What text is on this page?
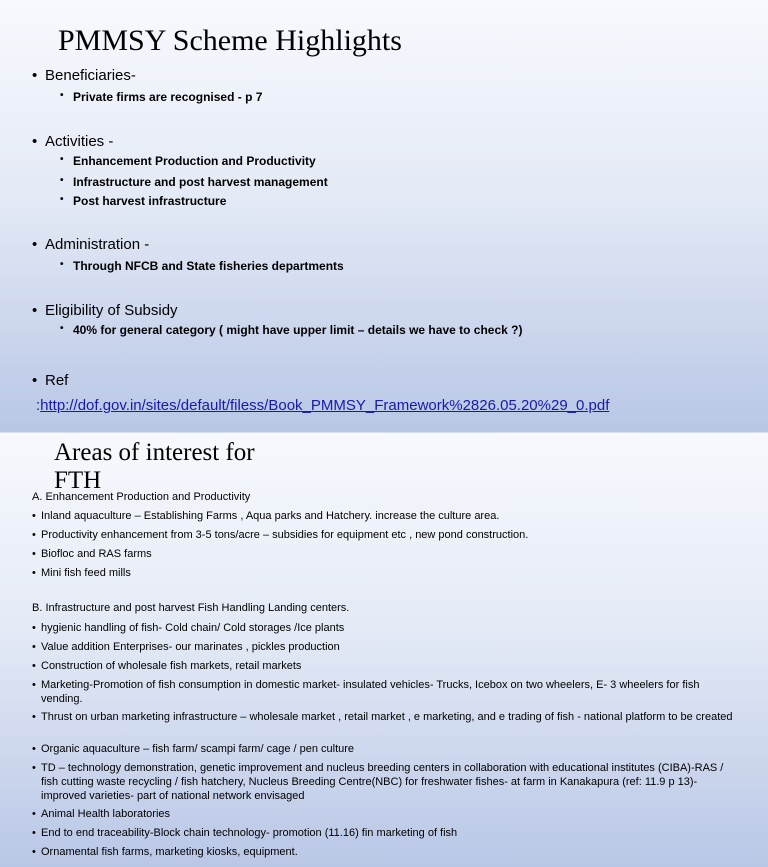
PMMSY Scheme Highlights
• Beneficiaries-
• Private firms are recognised - p 7
• Activities -
• Enhancement Production and Productivity
• Infrastructure and post harvest management
• Post harvest infrastructure
• Administration -
• Through NFCB and State fisheries departments
• Eligibility of Subsidy
• 40% for general category ( might have upper limit – details we have to check ?)
• Ref
:http://dof.gov.in/sites/default/filess/Book_PMMSY_Framework%2826.05.20%29_0.pdf
Areas of interest for
FTH
A. Enhancement Production and Productivity
• Inland aquaculture – Establishing Farms , Aqua parks and Hatchery. increase the culture area.
• Productivity enhancement from 3-5 tons/acre – subsidies for equipment etc , new pond construction.
• Biofloc and RAS farms
• Mini fish feed mills
B. Infrastructure and post harvest Fish Handling Landing centers.
• hygienic handling of fish- Cold chain/ Cold storages /Ice plants
• Value addition Enterprises- our marinates , pickles production
• Construction of wholesale fish markets, retail markets
• Marketing-Promotion of fish consumption in domestic market- insulated vehicles- Trucks, Icebox on two wheelers, E- 3 wheelers for fish vending.
• Thrust on urban marketing infrastructure – wholesale market , retail market , e marketing, and e trading of fish - national platform to be created
• Organic aquaculture – fish farm/ scampi farm/ cage / pen culture
• TD – technology demonstration, genetic improvement and nucleus breeding centers in collaboration with educational institutes (CIBA)-RAS / fish cutting waste recycling / fish hatchery, Nucleus Breeding Centre(NBC) for freshwater fishes- at farm in Kanakapura (ref: 11.9 p 13)- improved varieties- part of national network envisaged
• Animal Health laboratories
• End to end traceability-Block chain technology- promotion (11.16) fin marketing of fish
• Ornamental fish farms, marketing kiosks, equipment.
